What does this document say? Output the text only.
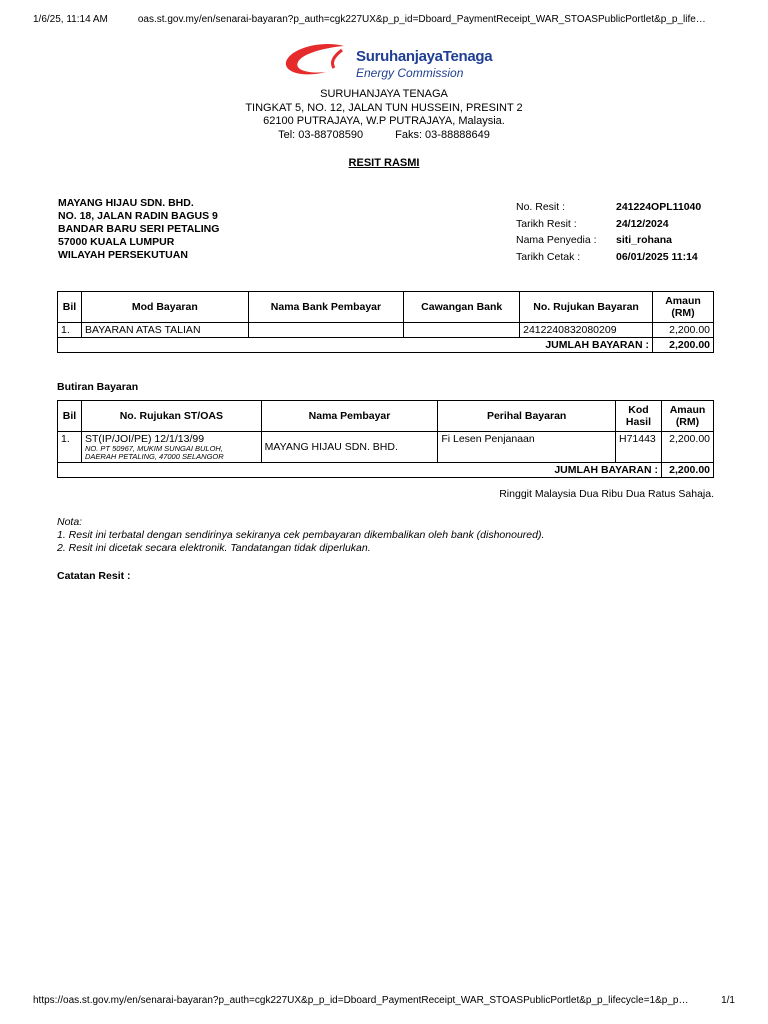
1/6/25, 11:14 AM	oas.st.gov.my/en/senarai-bayaran?p_auth=cgk227UX&p_p_id=Dboard_PaymentReceipt_WAR_STOASPublicPortlet&p_p_life…
SuruhanjayaTenaga
Energy Commission
SURUHANJAYA TENAGA
TINGKAT 5, NO. 12, JALAN TUN HUSSEIN, PRESINT 2
62100 PUTRAJAYA, W.P PUTRAJAYA, Malaysia.
Tel: 03-88708590	Faks: 03-88888649
RESIT RASMI
MAYANG HIJAU SDN. BHD.
NO. 18, JALAN RADIN BAGUS 9
BANDAR BARU SERI PETALING
57000 KUALA LUMPUR
WILAYAH PERSEKUTUAN
No. Resit :	241224OPL11040
Tarikh Resit :	24/12/2024
Nama Penyedia :	siti_rohana
Tarikh Cetak :	06/01/2025 11:14
Bil	Mod Bayaran	Nama Bank Pembayar	Cawangan Bank	No. Rujukan Bayaran	Amaun (RM)
1.	BAYARAN ATAS TALIAN			2412240832080209	2,200.00
JUMLAH BAYARAN :					2,200.00
Butiran Bayaran
Bil	No. Rujukan ST/OAS	Nama Pembayar	Perihal Bayaran	Kod Hasil	Amaun (RM)
1.	ST(IP/JOI/PE) 12/1/13/99
NO. PT 50967, MUKIM SUNGAI BULOH,
DAERAH PETALING, 47000 SELANGOR	MAYANG HIJAU SDN. BHD.	Fi Lesen Penjanaan	H71443	2,200.00
JUMLAH BAYARAN :					2,200.00
Ringgit Malaysia Dua Ribu Dua Ratus Sahaja.
Nota:
1. Resit ini terbatal dengan sendirinya sekiranya cek pembayaran dikembalikan oleh bank (dishonoured).
2. Resit ini dicetak secara elektronik. Tandatangan tidak diperlukan.
Catatan Resit :
https://oas.st.gov.my/en/senarai-bayaran?p_auth=cgk227UX&p_p_id=Dboard_PaymentReceipt_WAR_STOASPublicPortlet&p_p_lifecycle=1&p_p…	1/1
